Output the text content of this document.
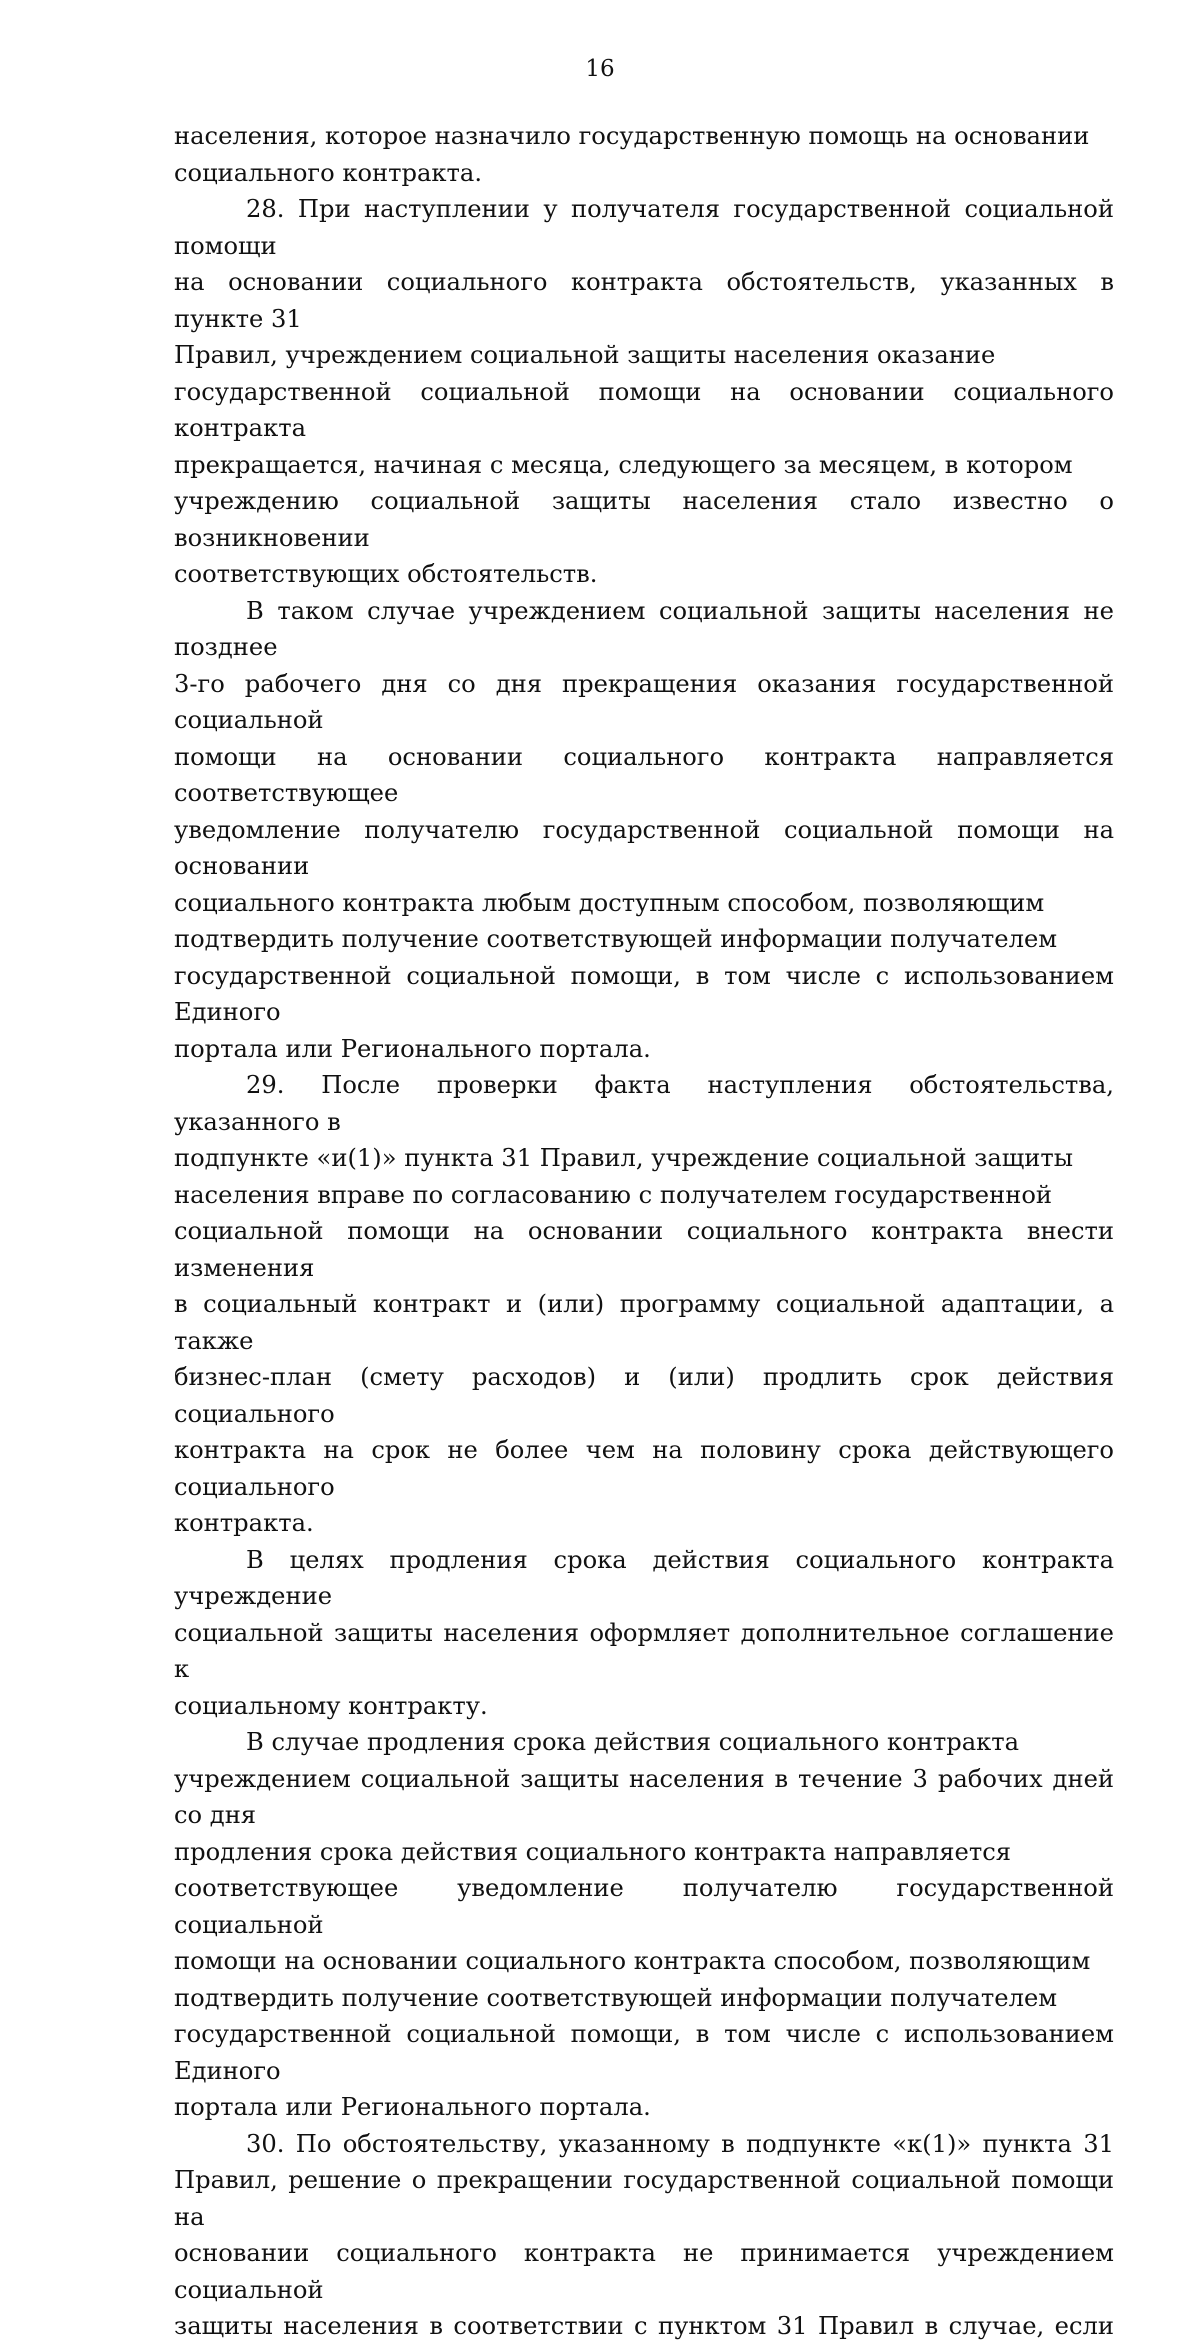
16

населения, которое назначило государственную помощь на основании
социального контракта.

28. При наступлении у получателя государственной социальной помощи
на основании социального контракта обстоятельств, указанных в пункте 31
Правил, учреждением социальной защиты населения оказание
государственной социальной помощи на основании социального контракта
прекращается, начиная с месяца, следующего за месяцем, в котором
учреждению социальной защиты населения стало известно о возникновении
соответствующих обстоятельств.

В таком случае учреждением социальной защиты населения не позднее
3-го рабочего дня со дня прекращения оказания государственной социальной
помощи на основании социального контракта направляется соответствующее
уведомление получателю государственной социальной помощи на основании
социального контракта любым доступным способом, позволяющим
подтвердить получение соответствующей информации получателем
государственной социальной помощи, в том числе с использованием Единого
портала или Регионального портала.

29. После проверки факта наступления обстоятельства, указанного в
подпункте «и(1)» пункта 31 Правил, учреждение социальной защиты
населения вправе по согласованию с получателем государственной
социальной помощи на основании социального контракта внести изменения
в социальный контракт и (или) программу социальной адаптации, а также
бизнес-план (смету расходов) и (или) продлить срок действия социального
контракта на срок не более чем на половину срока действующего социального
контракта.

В целях продления срока действия социального контракта учреждение
социальной защиты населения оформляет дополнительное соглашение к
социальному контракту.

В случае продления срока действия социального контракта
учреждением социальной защиты населения в течение 3 рабочих дней со дня
продления срока действия социального контракта направляется
соответствующее уведомление получателю государственной социальной
помощи на основании социального контракта способом, позволяющим
подтвердить получение соответствующей информации получателем
государственной социальной помощи, в том числе с использованием Единого
портала или Регионального портала.

30. По обстоятельству, указанному в подпункте «к(1)» пункта 31
Правил, решение о прекращении государственной социальной помощи на
основании социального контракта не принимается учреждением социальной
защиты населения в соответствии с пунктом 31 Правил в случае, если
